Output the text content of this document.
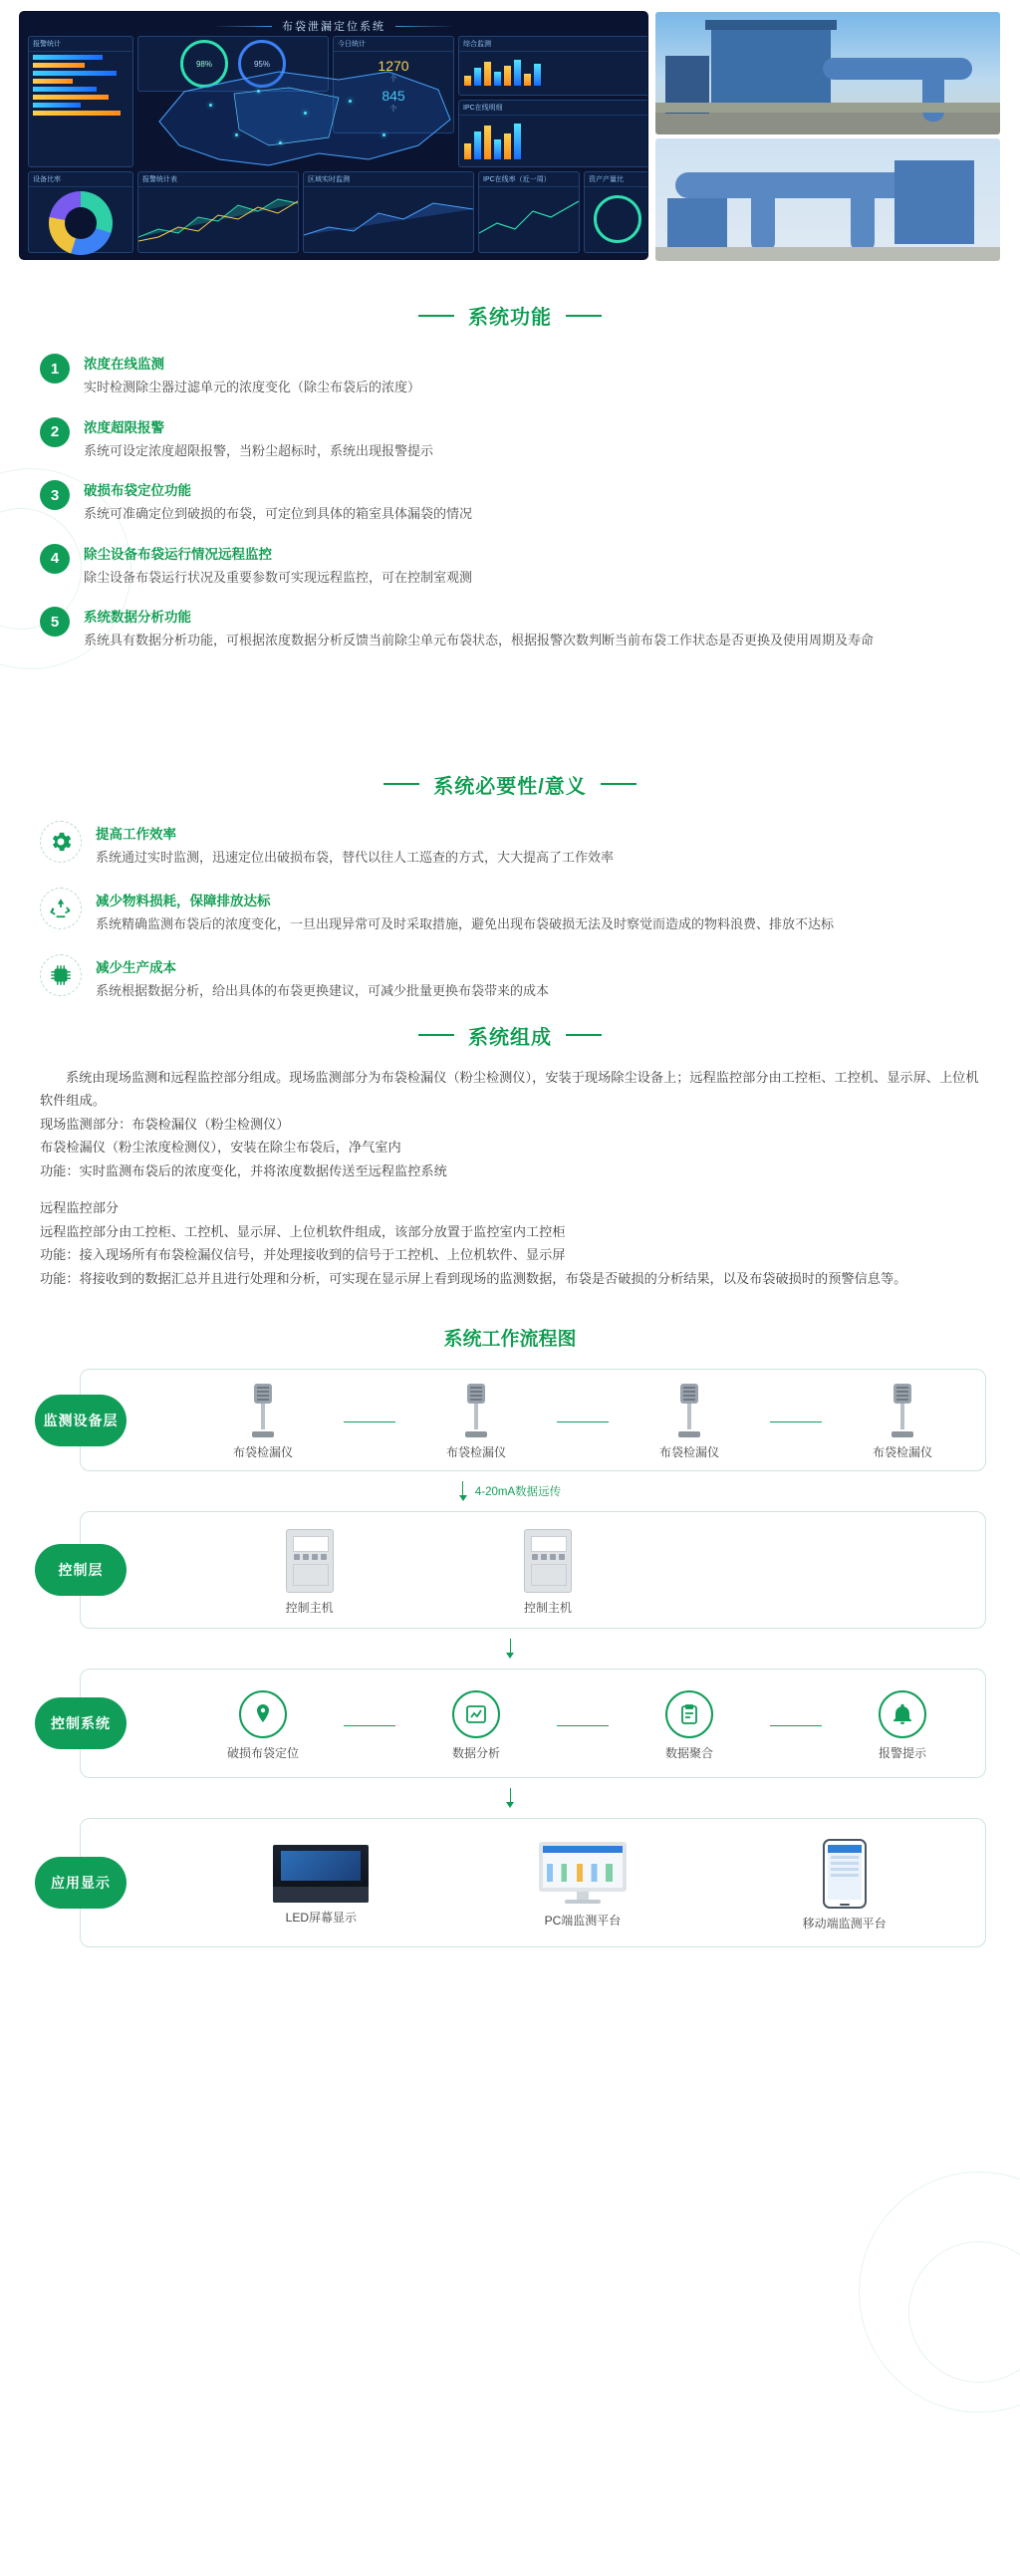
布袋泄漏定位系统
报警统计
98%	95%
今日统计
1270
综合监测
IPC在线明细
设备比率	报警统计表	区域实时监测	IPC在线率（近一周）	资产产量比
系统功能
1	浓度在线监测

实时检测除尘器过滤单元的浓度变化（除尘布袋后的浓度）

2	浓度超限报警

系统可设定浓度超限报警，当粉尘超标时，系统出现报警提示

3	破损布袋定位功能

系统可准确定位到破损的布袋，可定位到具体的箱室具体漏袋的情况

4	除尘设备布袋运行情况远程监控

除尘设备布袋运行状况及重要参数可实现远程监控，可在控制室观测

5	系统数据分析功能

系统具有数据分析功能，可根据浓度数据分析反馈当前除尘单元布袋状态，根据报警次数判断当前布袋工作状态是否更换及使用周期及寿命

系统必要性/意义

提高工作效率

系统通过实时监测，迅速定位出破损布袋，替代以往人工巡查的方式，大大提高了工作效率

减少物料损耗，保障排放达标

系统精确监测布袋后的浓度变化，一旦出现异常可及时采取措施，避免出现布袋破损无法及时察觉而造成的物料浪费、排放不达标

减少生产成本

系统根据数据分析，给出具体的布袋更换建议，可减少批量更换布袋带来的成本

系统组成

系统由现场监测和远程监控部分组成。现场监测部分为布袋检漏仪（粉尘检测仪），安装于现场除尘设备上；远程监控部分由工控柜、工控机、显示屏、上位机软件组成。

现场监测部分：布袋检漏仪（粉尘检测仪）

布袋检漏仪（粉尘浓度检测仪），安装在除尘布袋后，净气室内

功能：实时监测布袋后的浓度变化，并将浓度数据传送至远程监控系统

远程监控部分

远程监控部分由工控柜、工控机、显示屏、上位机软件组成，该部分放置于监控室内工控柜

功能：接入现场所有布袋检漏仪信号，并处理接收到的信号于工控机、上位机软件、显示屏

功能：将接收到的数据汇总并且进行处理和分析，可实现在显示屏上看到现场的监测数据，布袋是否破损的分析结果，以及布袋破损时的预警信息等。

系统工作流程图
监测设备层
布袋检漏仪	布袋检漏仪	布袋检漏仪	布袋检漏仪
4-20mA数据远传
控制层
控制主机	控制主机
控制系统
破损布袋定位	数据分析	数据聚合	报警提示
应用显示
LED屏幕显示	PC端监测平台	移动端监测平台
